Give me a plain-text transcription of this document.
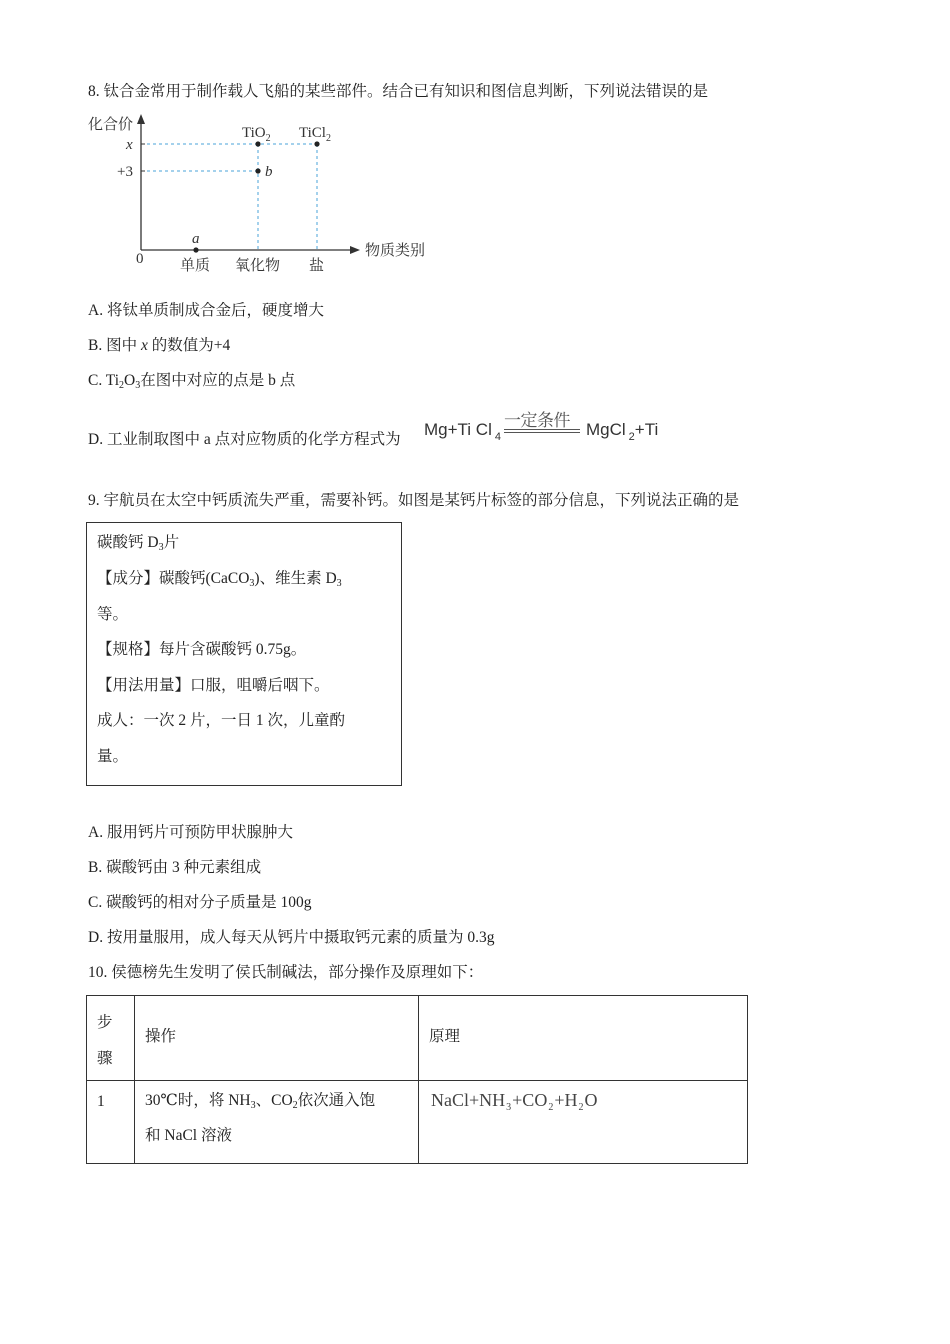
8. 钛合金常用于制作载人飞船的某些部件。结合已有知识和图信息判断，下列说法错误的是
化合价
x
+3
0
a
b
TiO$_2$ TiCl$_2$
物质类别
单质 氧化物 盐
A. 将钛单质制成合金后，硬度增大
B. 图中 x 的数值为+4
C. $Ti_2O_3$在图中对应的点是 b 点
D. 工业制取图中 a 点对应物质的化学方程式为
Mg+Ti Cl $_4$
一定条件 MgCl $_2$+Ti
9. 宇航员在太空中钙质流失严重，需要补钙。如图是某钙片标签的部分信息，下列说法正确的是
碳酸钙 $D_3$片
【成分】碳酸钙(CaCO$_3$)、维生素 $D_3$
等。
【规格】每片含碳酸钙 0.75g。
【用法用量】口服，咀嚼后咽下。
成人：一次 2 片，一日 1 次，儿童酌
量。
A. 服用钙片可预防甲状腺肿大
B. 碳酸钙由 3 种元素组成
C. 碳酸钙的相对分子质量是 100g
D. 按用量服用，成人每天从钙片中摄取钙元素的质量为 0.3g
10. 侯德榜先生发明了侯氏制碱法，部分操作及原理如下：
步
骤	操作	原理

1	30℃时，将 $NH_3$、$CO_2$依次通入饱
和 NaCl 溶液	$NaCl+NH_3+CO_2+H_2O$
